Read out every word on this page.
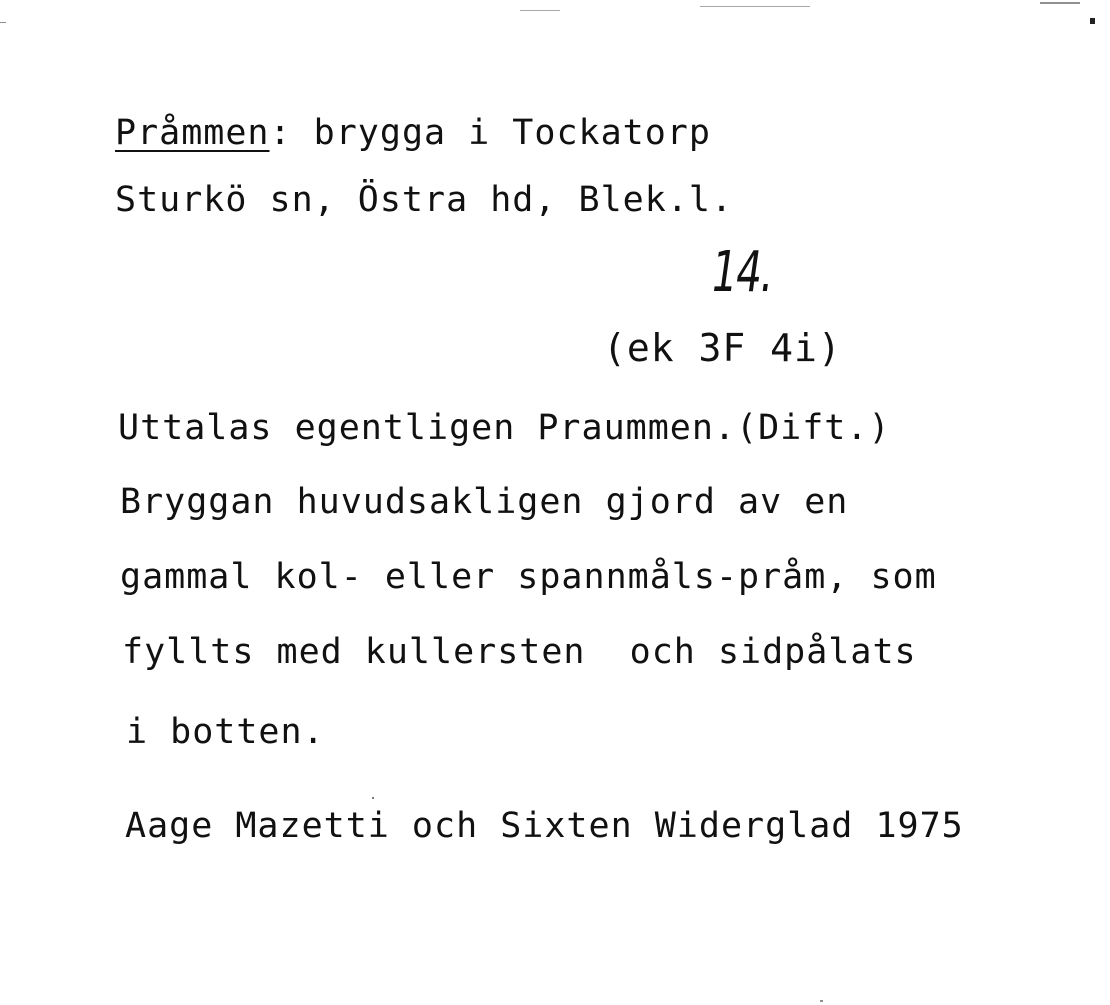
Pråmmen: brygga i Tockatorp
Sturkö sn, Östra hd, Blek.l.
14.
(ek 3F 4i)
Uttalas egentligen Praummen.(Dift.)
Bryggan huvudsakligen gjord av en
gammal kol- eller spannmåls-pråm, som
fyllts med kullersten  och sidpålats
i botten.
Aage Mazetti och Sixten Widerglad 1975
